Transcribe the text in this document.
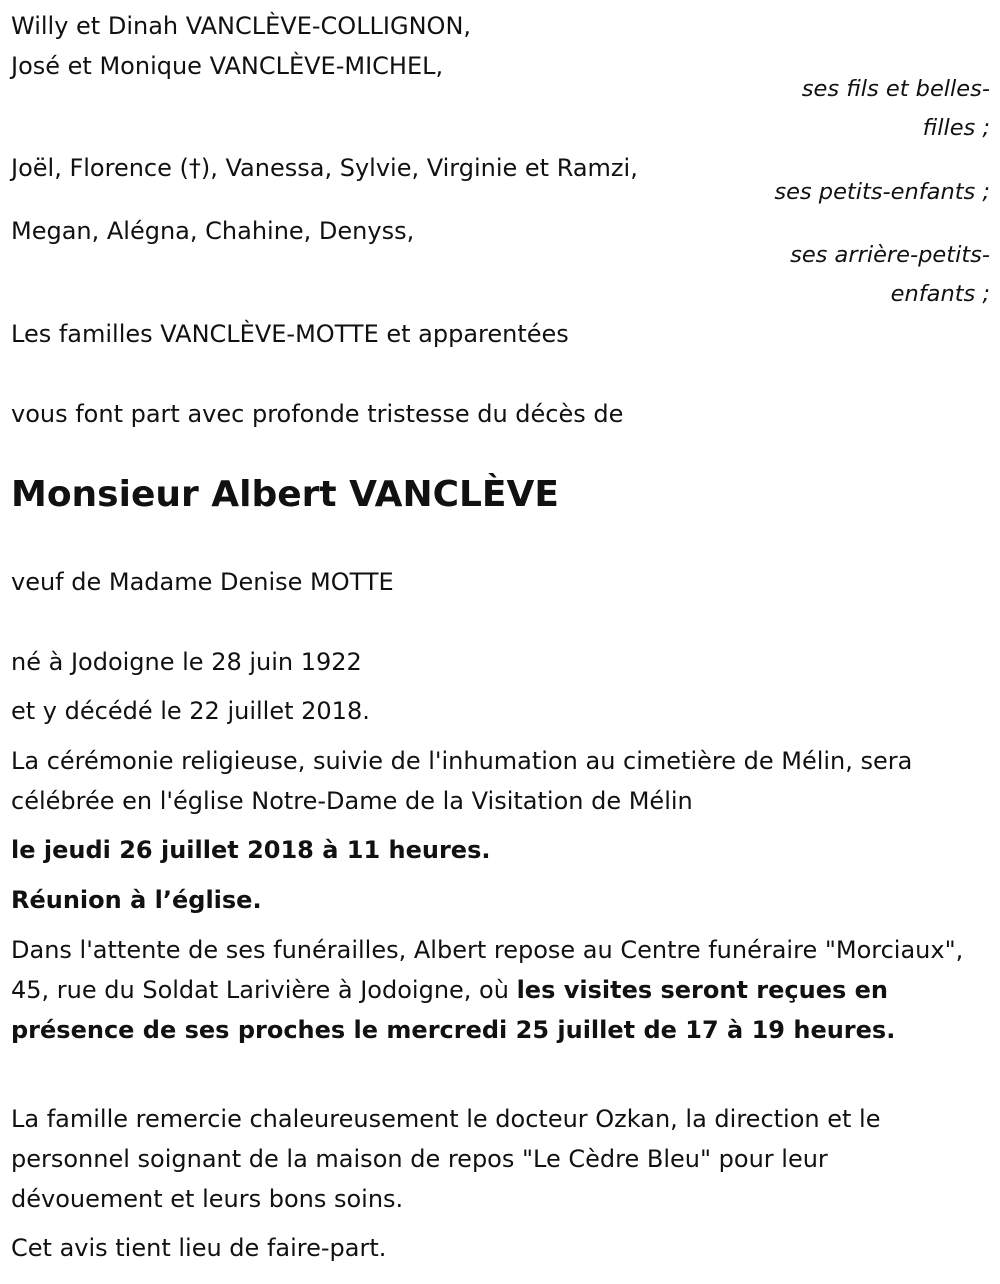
Willy et Dinah VANCLÈVE-COLLIGNON,
José et Monique VANCLÈVE-MICHEL,
ses fils et belles-
filles ;
Joël, Florence (†), Vanessa, Sylvie, Virginie et Ramzi,
ses petits-enfants ;
Megan, Alégna, Chahine, Denyss,
ses arrière-petits-
enfants ;
Les familles VANCLÈVE-MOTTE et apparentées
vous font part avec profonde tristesse du décès de
Monsieur Albert VANCLÈVE
veuf de Madame Denise MOTTE
né à Jodoigne le 28 juin 1922
et y décédé le 22 juillet 2018.
La cérémonie religieuse, suivie de l'inhumation au cimetière de Mélin, sera célébrée en l'église Notre-Dame de la Visitation de Mélin
le jeudi 26 juillet 2018 à 11 heures.
Réunion à l’église.
Dans l'attente de ses funérailles, Albert repose au Centre funéraire "Morciaux", 45, rue du Soldat Larivière à Jodoigne, où les visites seront reçues en présence de ses proches le mercredi 25 juillet de 17 à 19 heures.
La famille remercie chaleureusement le docteur Ozkan, la direction et le personnel soignant de la maison de repos "Le Cèdre Bleu" pour leur dévouement et leurs bons soins.
Cet avis tient lieu de faire-part.
